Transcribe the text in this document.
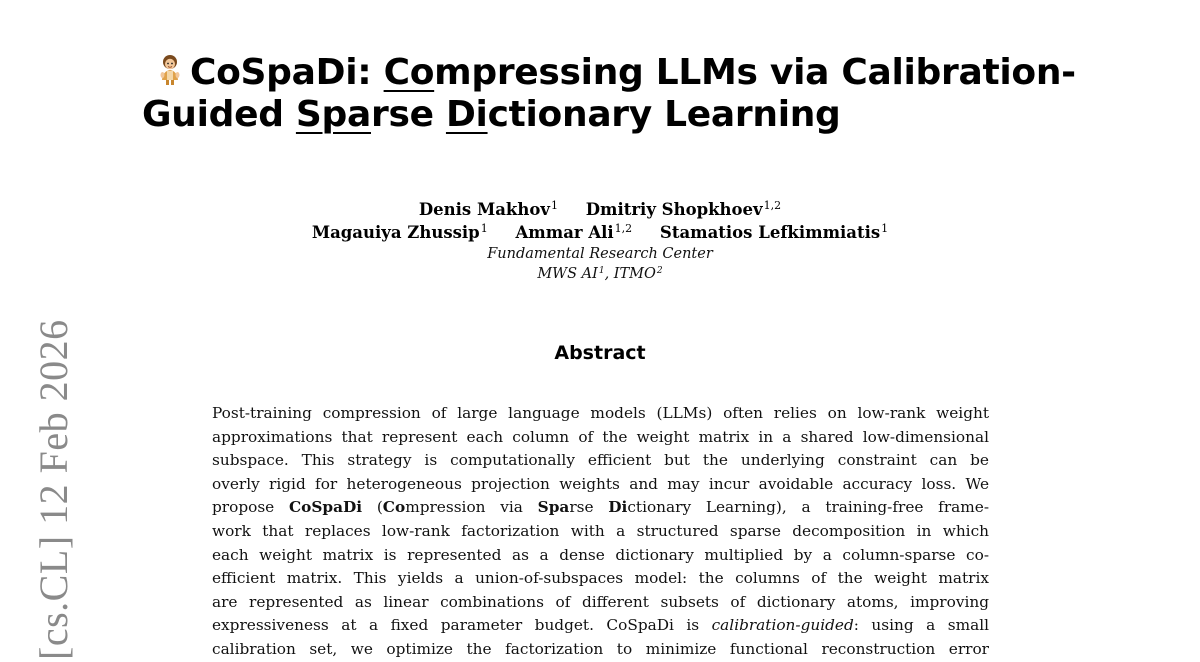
[cs.CL] 12 Feb 2026
CoSpaDi: Compressing LLMs via Calibration-
Guided Sparse Dictionary Learning
Denis Makhov$^1$ Dmitriy Shopkhoev$^{1,2}$
Magauiya Zhussip$^1$ Ammar Ali$^{1,2}$ Stamatios Lefkimmiatis$^1$
Fundamental Research Center
MWS $AI^1$, ITMO$^2$
Abstract
Post-training compression of large language models (LLMs) often relies on low-rank weight
approximations that represent each column of the weight matrix in a shared low-dimensional
subspace. This strategy is computationally efficient but the underlying constraint can be
overly rigid for heterogeneous projection weights and may incur avoidable accuracy loss. We
propose CoSpaDi (Compression via Sparse Dictionary Learning), a training-free frame-
work that replaces low-rank factorization with a structured sparse decomposition in which
each weight matrix is represented as a dense dictionary multiplied by a column-sparse co-
efficient matrix. This yields a union-of-subspaces model: the columns of the weight matrix
are represented as linear combinations of different subsets of dictionary atoms, improving
expressiveness at a fixed parameter budget. CoSpaDi is calibration-guided: using a small
calibration set, we optimize the factorization to minimize functional reconstruction error
